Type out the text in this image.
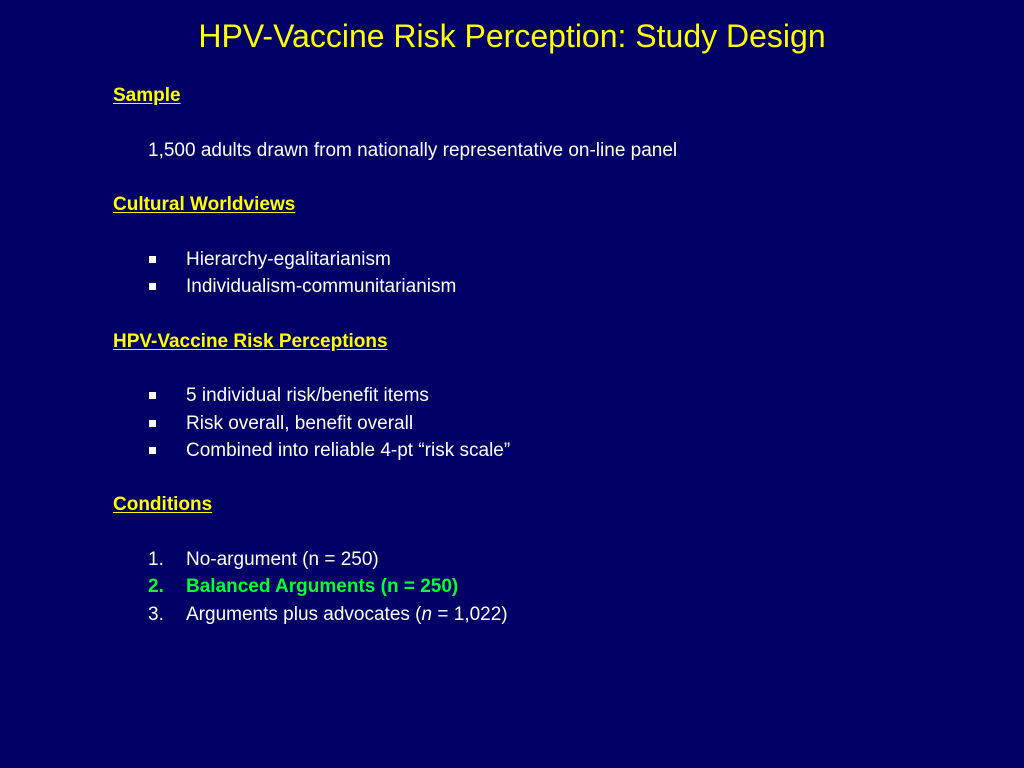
HPV-Vaccine Risk Perception: Study Design
Sample
1,500 adults drawn from nationally representative on-line panel
Cultural Worldviews
Hierarchy-egalitarianism
Individualism-communitarianism
HPV-Vaccine Risk Perceptions
5 individual risk/benefit items
Risk overall, benefit overall
Combined into reliable 4-pt “risk scale”
Conditions
1. No-argument (n = 250)
2. Balanced Arguments (n = 250)
3. Arguments plus advocates (n = 1,022)
